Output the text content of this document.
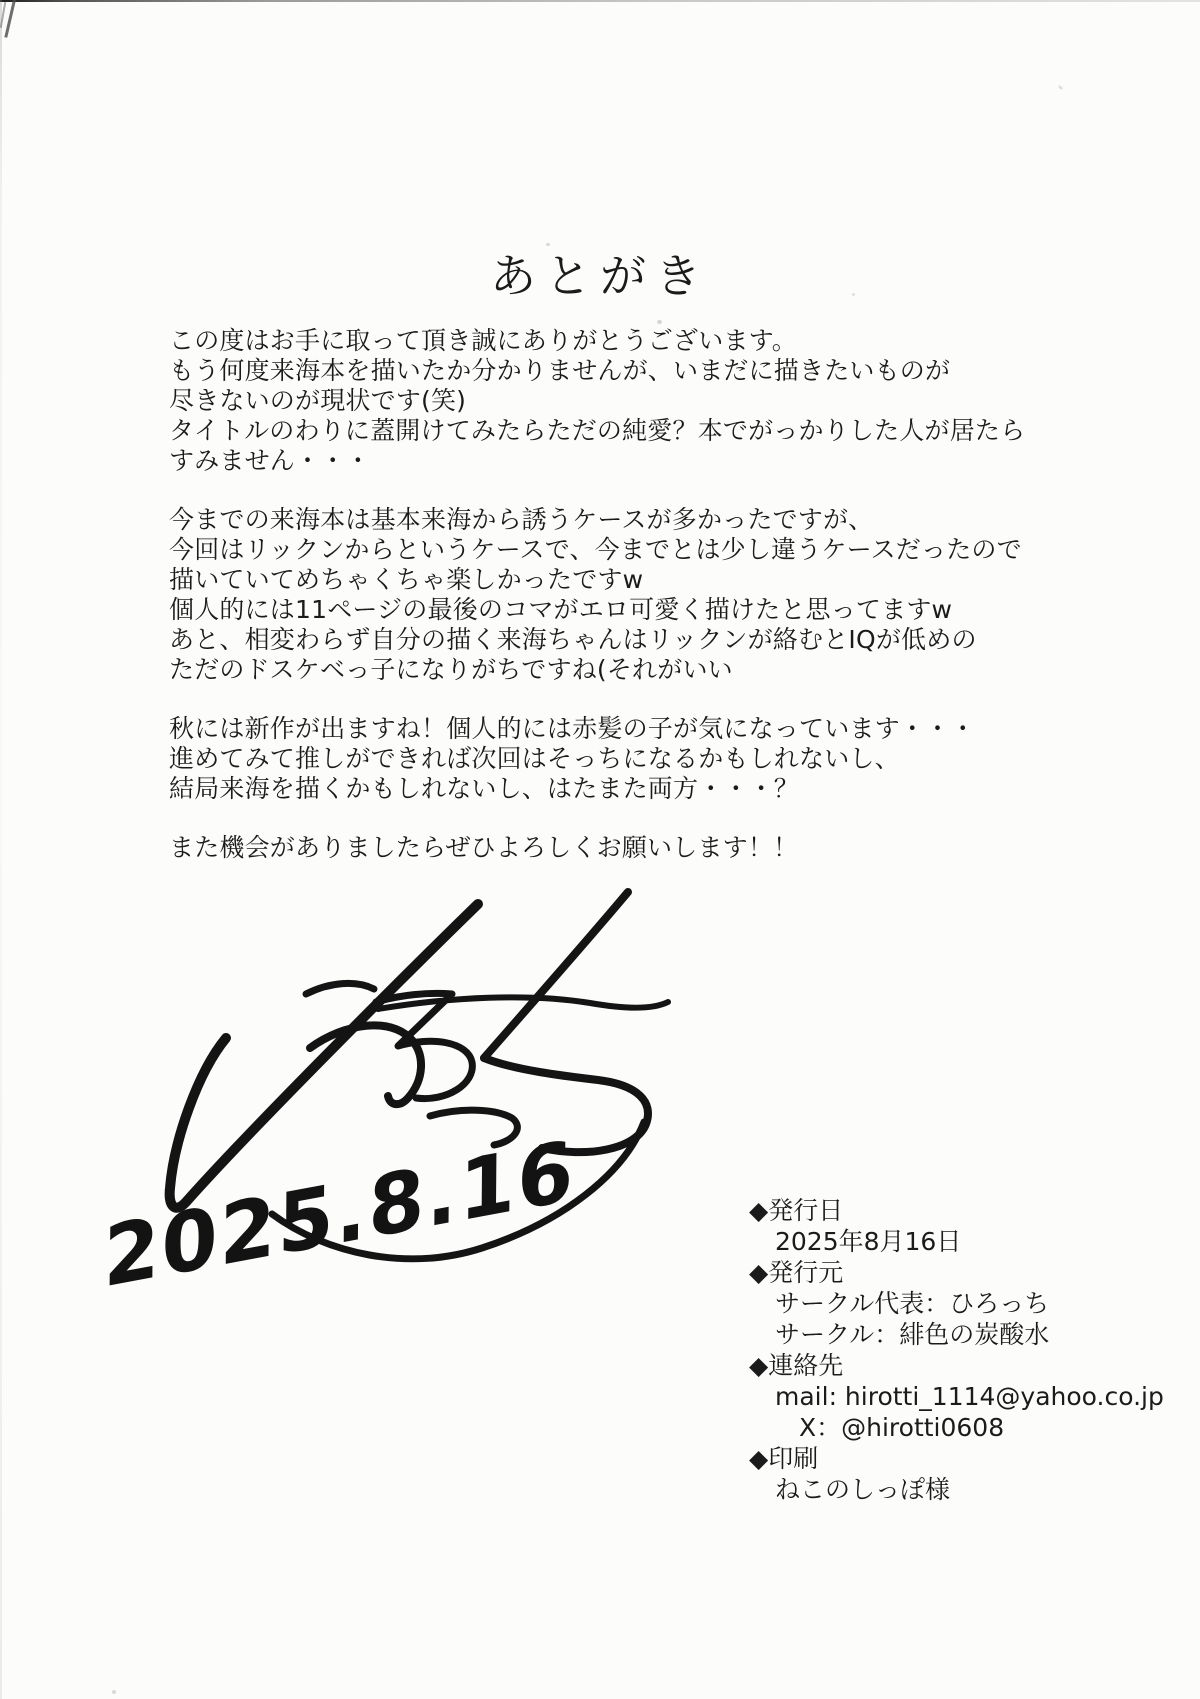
あとがき
この度はお手に取って頂き誠にありがとうございます。
もう何度来海本を描いたか分かりませんが、いまだに描きたいものが
尽きないのが現状です(笑)
タイトルのわりに蓋開けてみたらただの純愛？本でがっかりした人が居たら
すみません・・・
今までの来海本は基本来海から誘うケースが多かったですが、
今回はリックンからというケースで、今までとは少し違うケースだったので
描いていてめちゃくちゃ楽しかったですw
個人的には11ページの最後のコマがエロ可愛く描けたと思ってますw
あと、相変わらず自分の描く来海ちゃんはリックンが絡むとIQが低めの
ただのドスケベっ子になりがちですね(それがいい
秋には新作が出ますね！個人的には赤髪の子が気になっています・・・
進めてみて推しができれば次回はそっちになるかもしれないし、
結局来海を描くかもしれないし、はたまた両方・・・？
また機会がありましたらぜひよろしくお願いします！！
2025.8.16	◆発行日
2025年8月16日
◆発行元
サークル代表：ひろっち
サークル：緋色の炭酸水
◆連絡先
mail: hirotti_1114@yahoo.co.jp
X：@hirotti0608
◆印刷
ねこのしっぽ様
